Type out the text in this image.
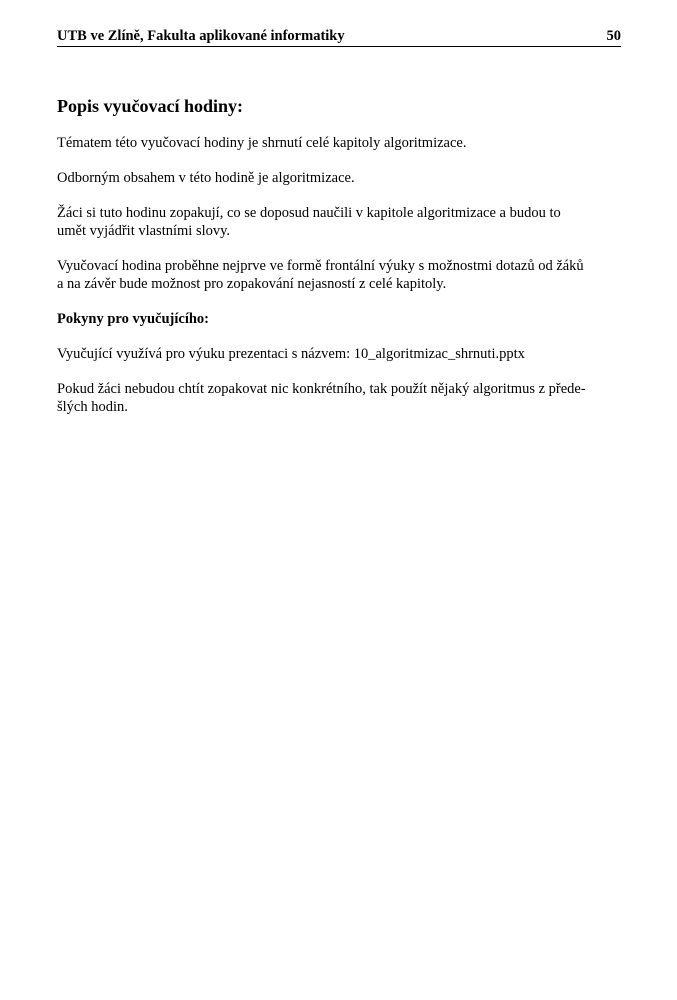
UTB ve Zlíně, Fakulta aplikované informatiky	50
Popis vyučovací hodiny:

Tématem této vyučovací hodiny je shrnutí celé kapitoly algoritmizace.

Odborným obsahem v této hodině je algoritmizace.

Žáci si tuto hodinu zopakují, co se doposud naučili v kapitole algoritmizace a budou to
umět vyjádřit vlastními slovy.

Vyučovací hodina proběhne nejprve ve formě frontální výuky s možnostmi dotazů od žáků
a na závěr bude možnost pro zopakování nejasností z celé kapitoly.

Pokyny pro vyučujícího:

Vyučující využívá pro výuku prezentaci s názvem: 10_algoritmizac_shrnuti.pptx

Pokud žáci nebudou chtít zopakovat nic konkrétního, tak použít nějaký algoritmus z přede-
šlých hodin.
